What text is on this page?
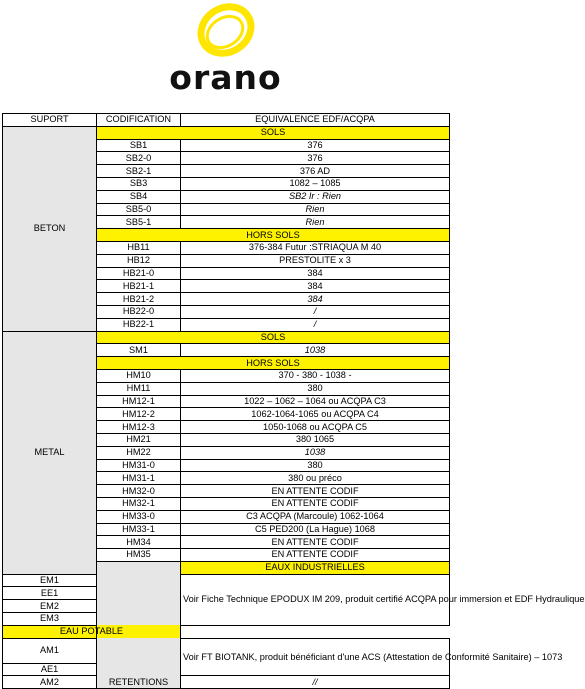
orano
SUPORT	CODIFICATION	EQUIVALENCE EDF/ACQPA
BETON	SOLS	
	SB1	376
	SB2-0	376
	SB2-1	376 AD
	SB3	1082 – 1085
	SB4	SB2 Ir : Rien
	SB5-0	Rien
	SB5-1	Rien
	HORS SOLS	
	HB11	376-384 Futur :STRIAQUA M 40
	HB12	PRESTOLITE x 3
	HB21-0	384
	HB21-1	384
	HB21-2	384
	HB22-0	/
	HB22-1	/
METAL	SOLS	
	SM1	1038
	HORS SOLS	
	HM10	370 - 380 - 1038 -
	HM11	380
	HM12-1	1022 – 1062 – 1064 ou ACQPA C3
	HM12-2	1062-1064-1065 ou ACQPA C4
	HM12-3	1050-1068 ou ACQPA C5
	HM21	380 1065
	HM22	1038
	HM31-0	380
	HM31-1	380 ou préco
	HM32-0	EN ATTENTE CODIF
	HM32-1	EN ATTENTE CODIF
	HM33-0	C3 ACQPA (Marcoule) 1062-1064
	HM33-1	C5 PED200 (La Hague) 1068
	HM34	EN ATTENTE CODIF
	HM35	EN ATTENTE CODIF
	RETENTIONS	EAUX INDUSTRIELLES
EM1		Voir Fiche Technique EPODUX IM 209, produit certifié ACQPA pour immersion et EDF Hydraulique
EE1		
EM2		
EM3		
EAU POTABLE		
AM1		Voir FT BIOTANK, produit bénéficiant d'une ACS (Attestation de Conformité Sanitaire) – 1073
AE1		
AM2		//
